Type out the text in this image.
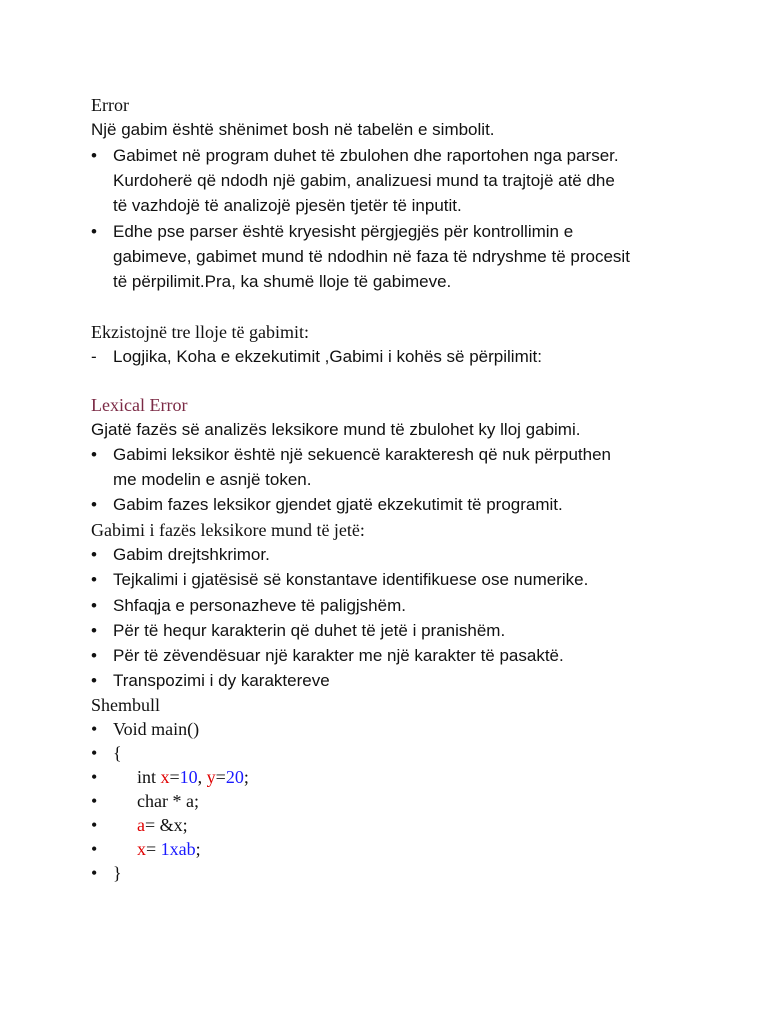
Error
Një gabim është shënimet bosh në tabelën e simbolit.
• Gabimet në program duhet të zbulohen dhe raportohen nga parser.
Kurdoherë që ndodh një gabim, analizuesi mund ta trajtojë atë dhe
të vazhdojë të analizojë pjesën tjetër të inputit.
• Edhe pse parser është kryesisht përgjegjës për kontrollimin e
gabimeve, gabimet mund të ndodhin në faza të ndryshme të procesit
të përpilimit.Pra, ka shumë lloje të gabimeve.
Ekzistojnë tre lloje të gabimit:
- Logjika, Koha e ekzekutimit ,Gabimi i kohës së përpilimit:
Lexical Error
Gjatë fazës së analizës leksikore mund të zbulohet ky lloj gabimi.
• Gabimi leksikor është një sekuencë karakteresh që nuk përputhen
me modelin e asnjë token.
• Gabim fazes leksikor gjendet gjatë ekzekutimit të programit.
Gabimi i fazës leksikore mund të jetë:
• Gabim drejtshkrimor.
• Tejkalimi i gjatësisë së konstantave identifikuese ose numerike.
• Shfaqja e personazheve të paligjshëm.
• Për të hequr karakterin që duhet të jetë i pranishëm.
• Për të zëvendësuar një karakter me një karakter të pasaktë.
• Transpozimi i dy karaktereve
Shembull
• Void main()
• {
•	int x=10, y=20;
•	char * a;
•	a= &x;
•	x= 1xab;
• }
